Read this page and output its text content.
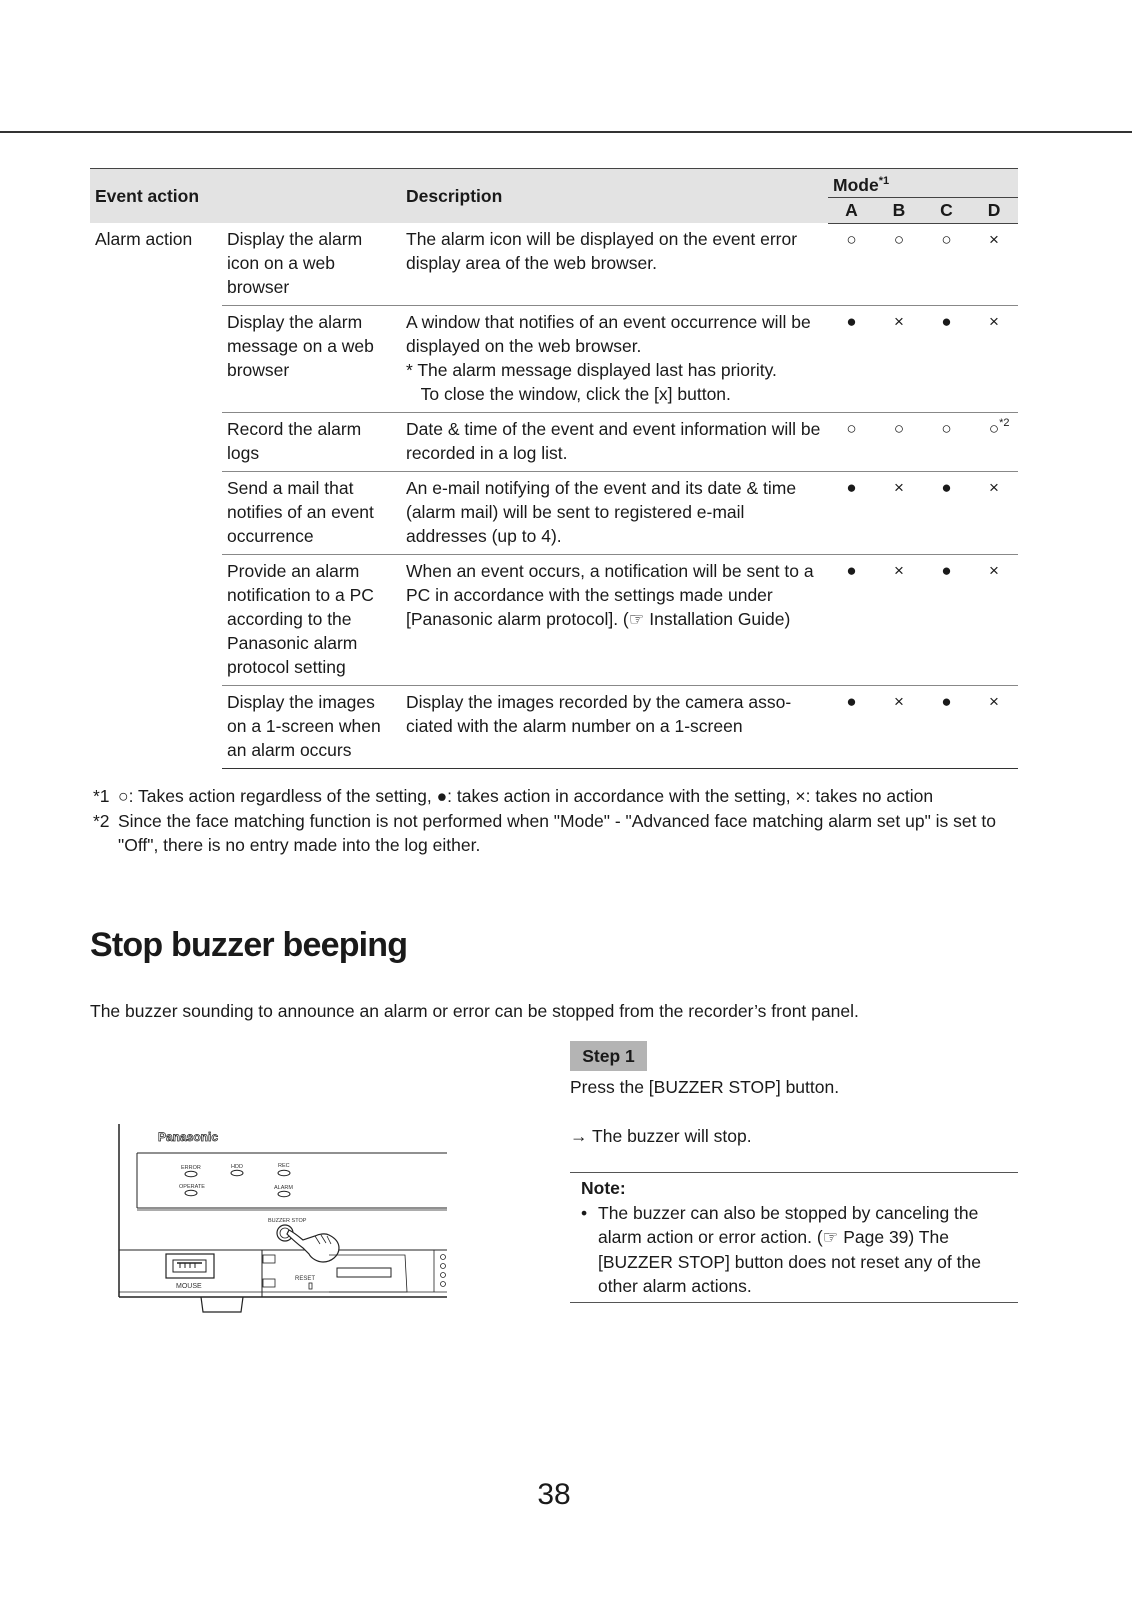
Event action		Description	Mode$^{*1}$
			A	B	C	D
Alarm action	Display the alarm icon on a web browser	The alarm icon will be displayed on the event error display area of the web browser.	○	○	○	×
	Display the alarm message on a web browser	A window that notifies of an event occurrence will be displayed on the web browser.
* The alarm message displayed last has priority.
To close the window, click the [x] button.	●	×	●	×
	Record the alarm logs	Date & time of the event and event information will be recorded in a log list.	○	○	○	○ *2

	Send a mail that notifies of an event occurrence	An e-mail notifying of the event and its date & time (alarm mail) will be sent to registered e-mail addresses (up to 4).	●	×	●	×
	Provide an alarm notification to a PC according to the Panasonic alarm protocol setting	When an event occurs, a notification will be sent to a PC in accordance with the settings made under [Panasonic alarm protocol]. (☞ Installation Guide)	●	×	●	×
	Display the images on a 1-screen when an alarm occurs	Display the images recorded by the camera asso-ciated with the alarm number on a 1-screen	●	×	●	×
*1 ○: Takes action regardless of the setting, ●: takes action in accordance with the setting, ×: takes no action
*2 Since the face matching function is not performed when "Mode" - "Advanced face matching alarm set up" is set to "Off", there is no entry made into the log either.
Stop buzzer beeping
The buzzer sounding to announce an alarm or error can be stopped from the recorder’s front panel.
Panasonic
ERROR	HDD	REC
OPERATE	ALARM
BUZZER STOP
MOUSE
RESET
Step 1
Press the [BUZZER STOP] button.
→ The buzzer will stop.
Note:
• The buzzer can also be stopped by canceling the alarm action or error action. (☞ Page 39) The [BUZZER STOP] button does not reset any of the other alarm actions.
38
